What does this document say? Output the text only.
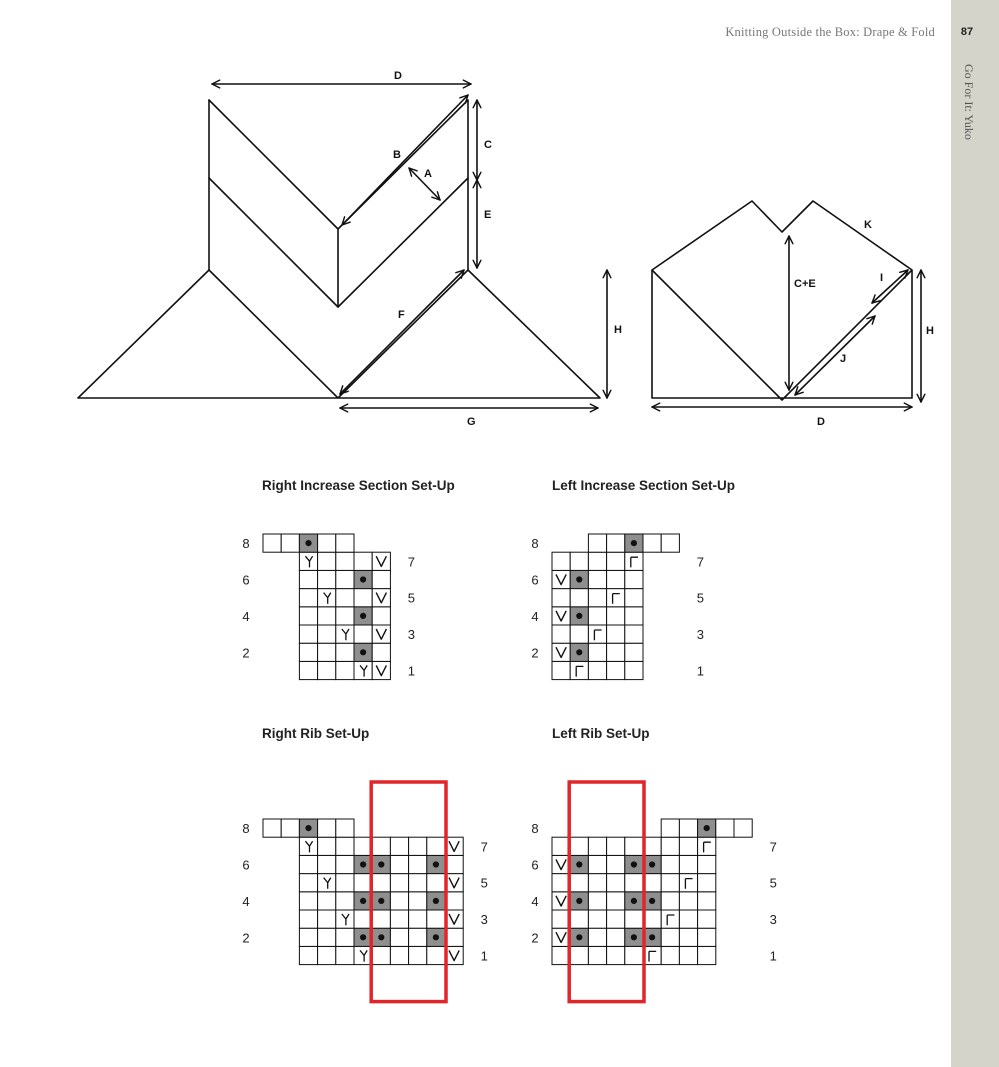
Knitting Outside the Box: Drape & Fold	87
Go For It: Yuko
D
B
A
C
E
F
H
G
K
C+E	I
H
J
D
Right Increase Section Set-Up	Left Increase Section Set-Up
Right Rib Set-Up	Left Rib Set-Up
8
6
4
2
7
5
3
1
8
6
4
2
7
5
3
1
8
6
4
2
7
5
3
1
8
6
4
2
7
5
3
1
